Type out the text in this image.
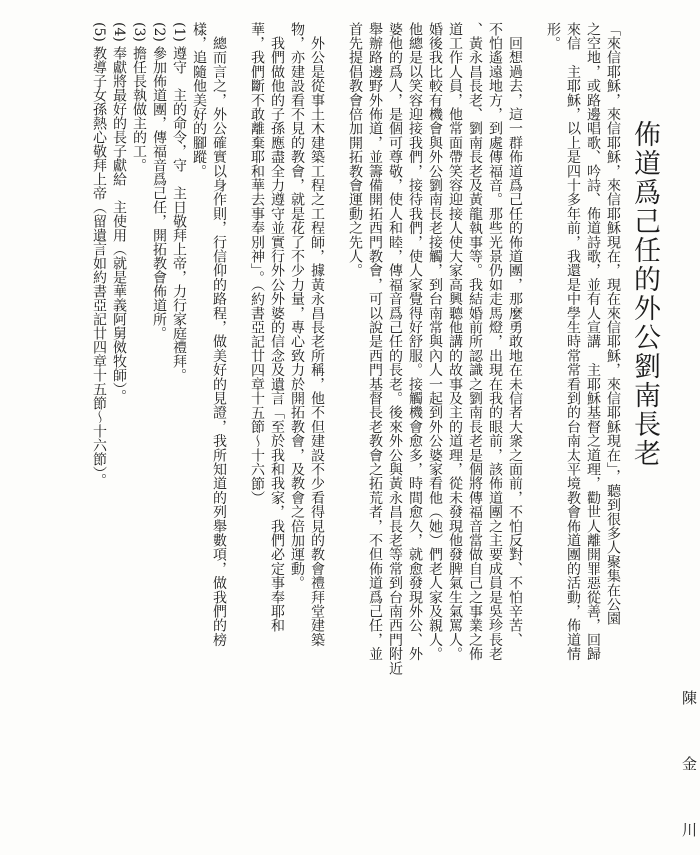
陳　金　川
佈道爲己任的外公劉南長老
「來信耶穌，來信耶穌，來信耶穌現在，現在來信耶穌，來信耶穌現在」，聽到很多人聚集在公園
之空地，或路邊唱歌、吟詩、佈道詩歌，並有人宣講　主耶穌基督之道理，勸世人離開罪惡從善，回歸
來信　主耶穌，以上是四十多年前，我還是中學生時常常看到的台南太平境教會佈道團的活動，佈道情
形。
　回想過去，這一群佈道爲己任的佈道團，那麼勇敢地在未信者大衆之面前，不怕反對、不怕辛苦、
不怕遙遠地方，到處傳福音。那些光景仍如走馬燈，出現在我的眼前，該佈道團之主要成員是吳珍長老
、黃永昌長老、劉南長老及黃龍執事等。我結婚前所認識之劉南長老是個將傳福音當做自己之事業之佈
道工作人員，他常面帶笑容迎接人使大家高興聽他講的故事及主的道理，從未發現他發脾氣生氣罵人。
婚後我比較有機會與外公劉南長老接觸，到台南常與內人一起到外公婆家看他（她）們老人家及親人。
他總是以笑容迎接我們，接待我們，使人家覺得好舒服。接觸機會愈多，時間愈久，就愈發現外公、外
婆他的爲人，是個可尊敬，使人和睦，傳福音爲己任的長老。後來外公與黃永昌長老等常到台南西門附近
舉辦路邊野外佈道，並籌備開拓西門教會，可以說是西門基督長老教會之拓荒者，不但佈道爲己任，並
首先提倡教會倍加開拓教會運動之先人。
　外公是從事土木建築工程之工程師，據黃永昌長老所稱，他不但建設不少看得見的教會禮拜堂建築
物，亦建設看不見的教會，就是花了不少力量，專心致力於開拓教會，及教會之倍加運動。
　我們做他的子孫應盡全力遵守並實行外公外婆的信念及遺言「至於我和我家，我們必定事奉耶和
華，我們斷不敢離棄耶和華去事奉別神」。（約書亞記廿四章十五節～十六節）
　總而言之，外公確實以身作則，行信仰的路程，做美好的見證，我所知道的列舉數項，做我們的榜
樣，追隨他美好的腳蹤。
(1) 遵守　主的命令，守　主日敬拜上帝，力行家庭禮拜。
(2) 參加佈道團，傳福音爲己任，開拓教會佈道所。
(3) 擔任長執做主的工。
(4) 奉獻將最好的長子獻給　主使用（就是華義阿舅傚牧師）。
(5) 教導子女孫熱心敬拜上帝（留遺言如約書亞記廿四章十五節～十六節）。
